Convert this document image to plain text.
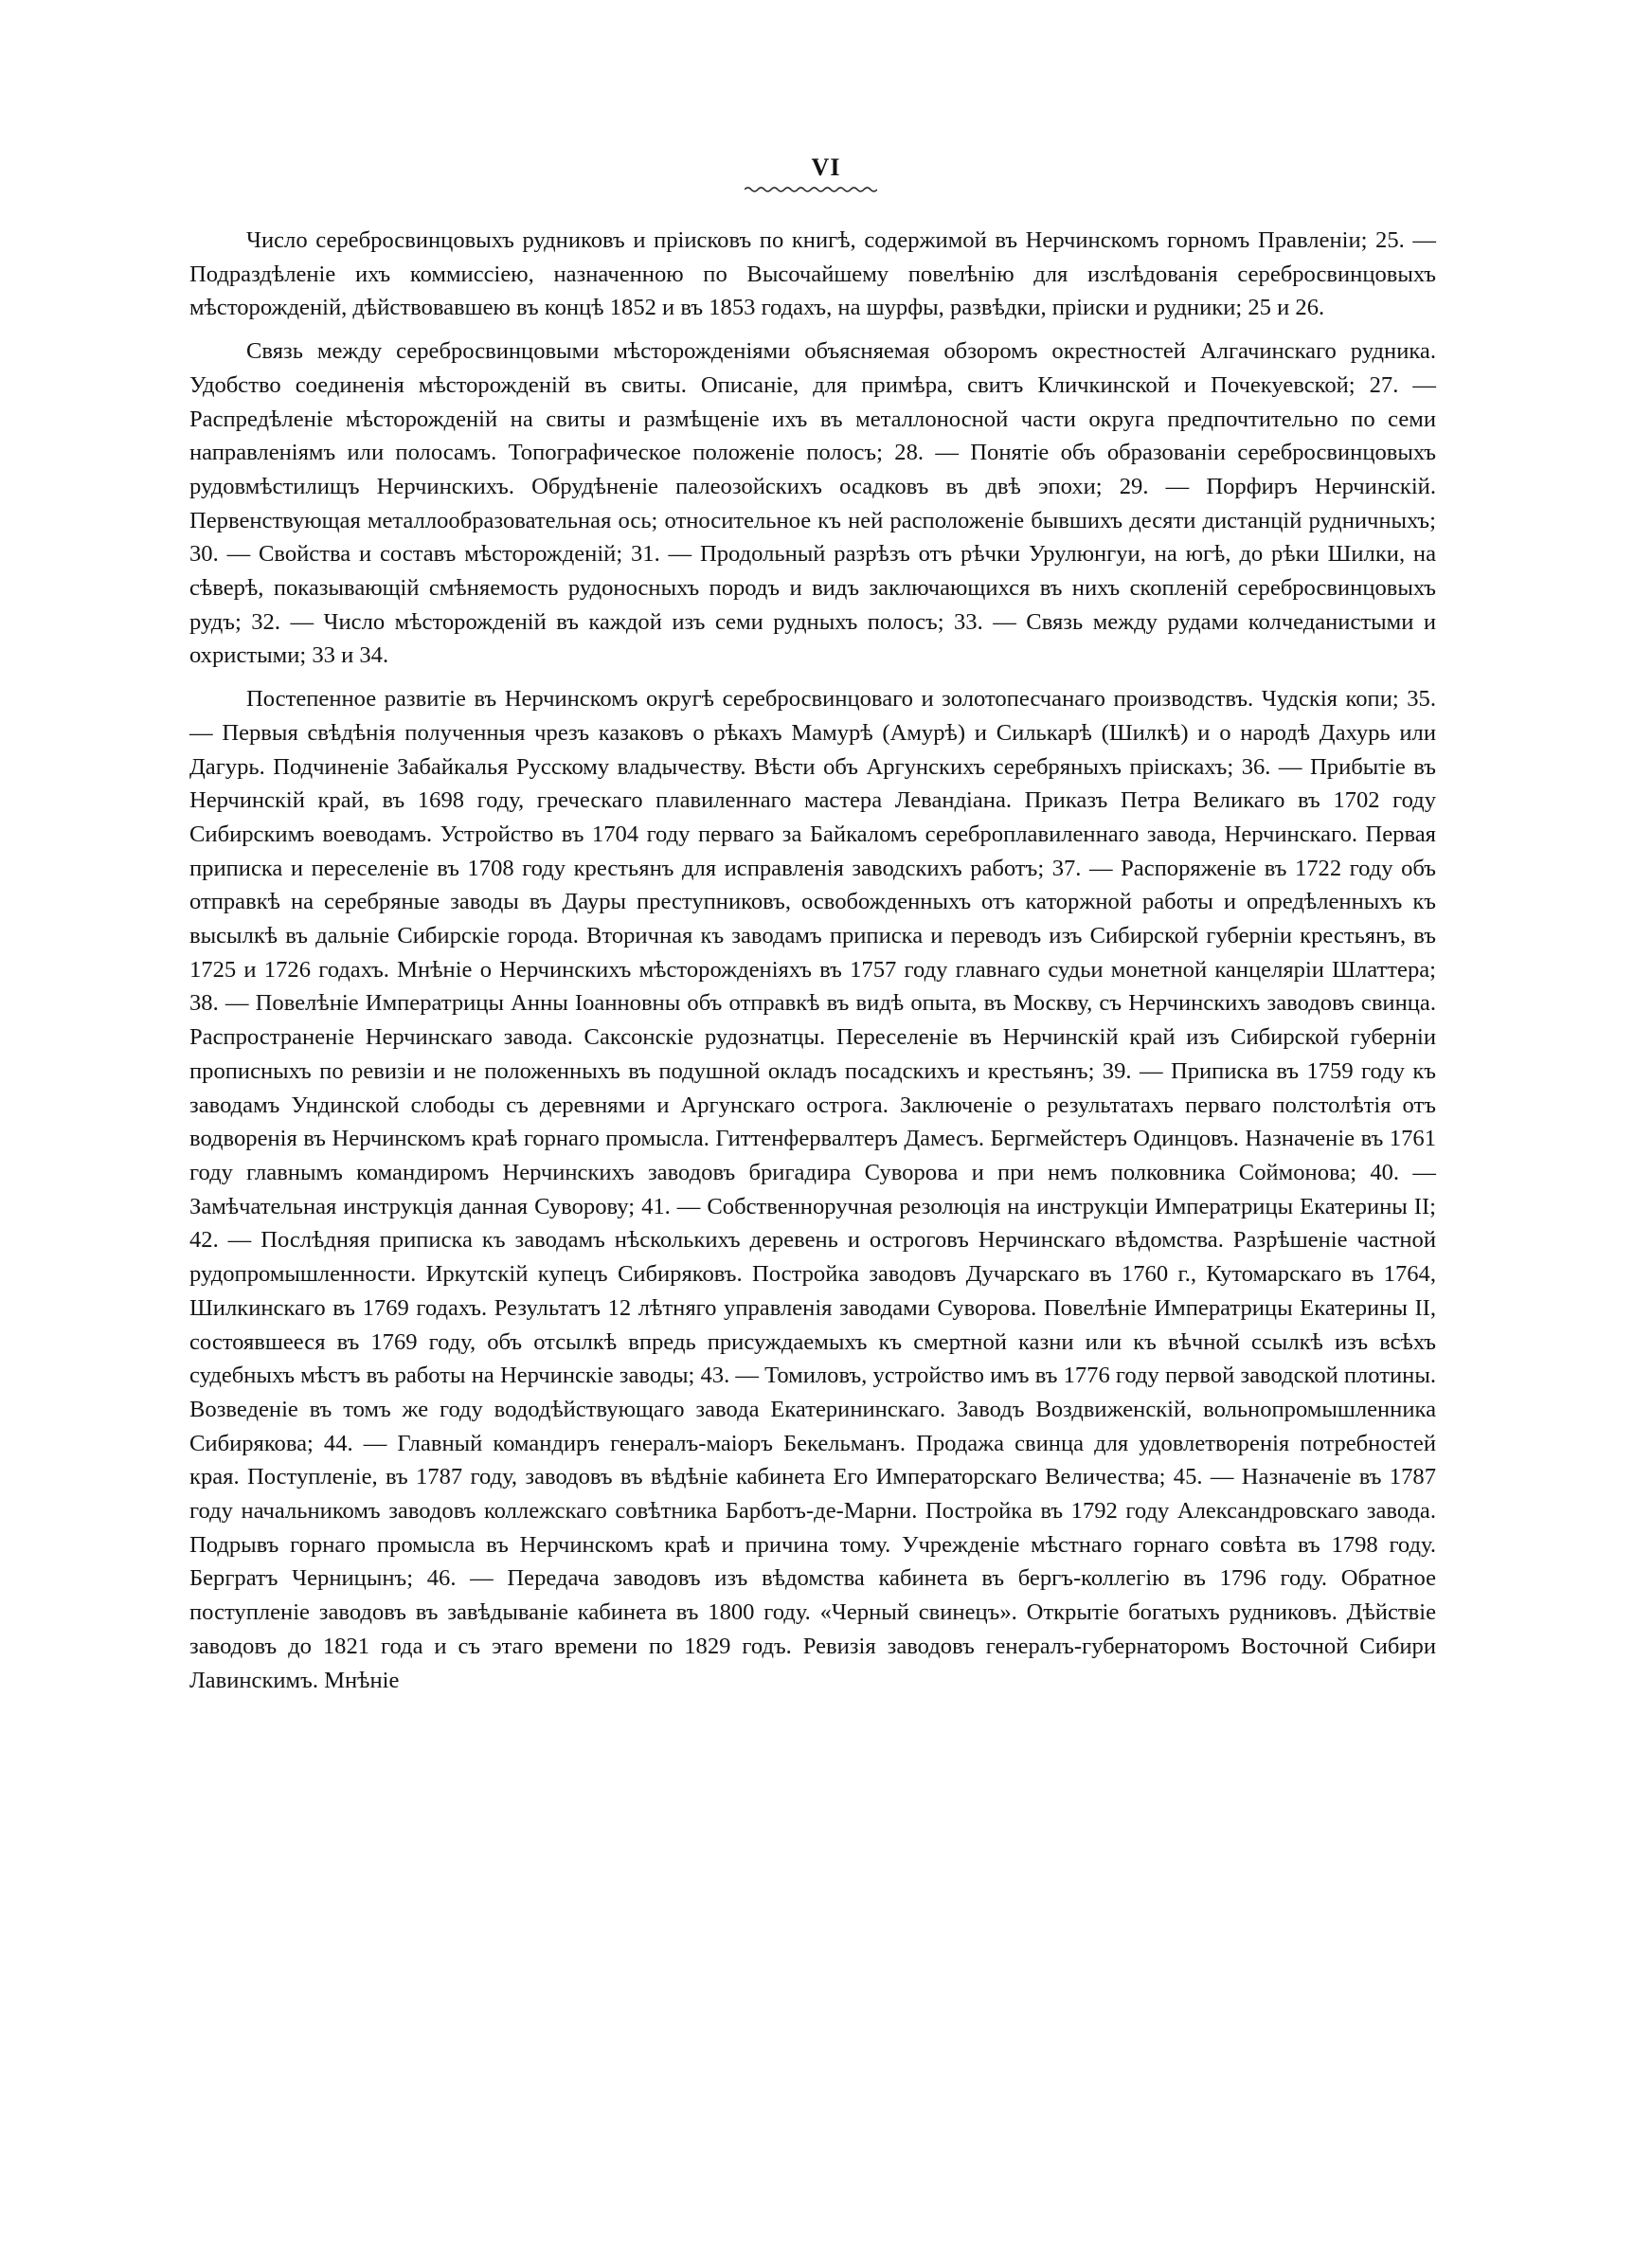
VI

Число серебросвинцовыхъ рудниковъ и пріисковъ по книгѣ, содержимой въ Нерчинскомъ горномъ Правленіи; 25. — Подраздѣленіе ихъ коммиссіею, назначенною по Высочайшему повелѣнію для изслѣдованія серебросвинцовыхъ мѣсторожденій, дѣйствовавшею въ концѣ 1852 и въ 1853 годахъ, на шурфы, развѣдки, пріиски и рудники; 25 и 26.

Связь между серебросвинцовыми мѣсторожденіями объясняемая обзоромъ окрестностей Алгачинскаго рудника. Удобство соединенія мѣсторожденій въ свиты. Описаніе, для примѣра, свитъ Кличкинской и Почекуевской; 27. — Распредѣленіе мѣсторожденій на свиты и размѣщеніе ихъ въ металлоносной части округа предпочтительно по семи направленіямъ или полосамъ. Топографическое положеніе полосъ; 28. — Понятіе объ образованіи серебросвинцовыхъ рудовмѣстилищъ Нерчинскихъ. Обрудѣненіе палеозойскихъ осадковъ въ двѣ эпохи; 29. — Порфиръ Нерчинскій. Первенствующая металлообразовательная ось; относительное къ ней расположеніе бывшихъ десяти дистанцій рудничныхъ; 30. — Свойства и составъ мѣсторожденій; 31. — Продольный разрѣзъ отъ рѣчки Урулюнгуи, на югѣ, до рѣки Шилки, на сѣверѣ, показывающій смѣняемость рудоносныхъ породъ и видъ заключающихся въ нихъ скопленій серебросвинцовыхъ рудъ; 32. — Число мѣсторожденій въ каждой изъ семи рудныхъ полосъ; 33. — Связь между рудами колчеданистыми и охристыми; 33 и 34.

Постепенное развитіе въ Нерчинскомъ округѣ серебросвинцоваго и золотопесчанаго производствъ. Чудскія копи; 35. — Первыя свѣдѣнія полученныя чрезъ казаковъ о рѣкахъ Мамурѣ (Амурѣ) и Силькарѣ (Шилкѣ) и о народѣ Дахурь или Дагурь. Подчиненіе Забайкалья Русскому владычеству. Вѣсти объ Аргунскихъ серебряныхъ пріискахъ; 36. — Прибытіе въ Нерчинскій край, въ 1698 году, греческаго плавиленнаго мастера Левандіана. Приказъ Петра Великаго въ 1702 году Сибирскимъ воеводамъ. Устройство въ 1704 году перваго за Байкаломъ сереброплавиленнаго завода, Нерчинскаго. Первая приписка и переселеніе въ 1708 году крестьянъ для исправленія заводскихъ работъ; 37. — Распоряженіе въ 1722 году объ отправкѣ на серебряные заводы въ Дауры преступниковъ, освобожденныхъ отъ каторжной работы и опредѣленныхъ къ высылкѣ въ дальніе Сибирскіе города. Вторичная къ заводамъ приписка и переводъ изъ Сибирской губерніи крестьянъ, въ 1725 и 1726 годахъ. Мнѣніе о Нерчинскихъ мѣсторожденіяхъ въ 1757 году главнаго судьи монетной канцеляріи Шлаттера; 38. — Повелѣніе Императрицы Анны Іоанновны объ отправкѣ въ видѣ опыта, въ Москву, съ Нерчинскихъ заводовъ свинца. Распространеніе Нерчинскаго завода. Саксонскіе рудознатцы. Переселеніе въ Нерчинскій край изъ Сибирской губерніи прописныхъ по ревизіи и не положенныхъ въ подушной окладъ посадскихъ и крестьянъ; 39. — Приписка въ 1759 году къ заводамъ Ундинской слободы съ деревнями и Аргунскаго острога. Заключеніе о результатахъ перваго полстолѣтія отъ водворенія въ Нерчинскомъ краѣ горнаго промысла. Гиттенфервалтеръ Дамесъ. Бергмейстеръ Одинцовъ. Назначеніе въ 1761 году главнымъ командиромъ Нерчинскихъ заводовъ бригадира Суворова и при немъ полковника Соймонова; 40. — Замѣчательная инструкція данная Суворову; 41. — Собственноручная резолюція на инструкціи Императрицы Екатерины II; 42. — Послѣдняя приписка къ заводамъ нѣсколькихъ деревень и остроговъ Нерчинскаго вѣдомства. Разрѣшеніе частной рудопромышленности. Иркутскій купецъ Сибиряковъ. Постройка заводовъ Дучарскаго въ 1760 г., Кутомарскаго въ 1764, Шилкинскаго въ 1769 годахъ. Результатъ 12 лѣтняго управленія заводами Суворова. Повелѣніе Императрицы Екатерины II, состоявшееся въ 1769 году, объ отсылкѣ впредь присуждаемыхъ къ смертной казни или къ вѣчной ссылкѣ изъ всѣхъ судебныхъ мѣстъ въ работы на Нерчинскіе заводы; 43. — Томиловъ, устройство имъ въ 1776 году первой заводской плотины. Возведеніе въ томъ же году вододѣйствующаго завода Екатерининскаго. Заводъ Воздвиженскій, вольнопромышленника Сибирякова; 44. — Главный командиръ генералъ-маіоръ Бекельманъ. Продажа свинца для удовлетворенія потребностей края. Поступленіе, въ 1787 году, заводовъ въ вѣдѣніе кабинета Его Императорскаго Величества; 45. — Назначеніе въ 1787 году начальникомъ заводовъ коллежскаго совѣтника Барботъ-де-Марни. Постройка въ 1792 году Александровскаго завода. Подрывъ горнаго промысла въ Нерчинскомъ краѣ и причина тому. Учрежденіе мѣстнаго горнаго совѣта въ 1798 году. Бергратъ Черницынъ; 46. — Передача заводовъ изъ вѣдомства кабинета въ бергъ-коллегію въ 1796 году. Обратное поступленіе заводовъ въ завѣдываніе кабинета въ 1800 году. «Черный свинецъ». Открытіе богатыхъ рудниковъ. Дѣйствіе заводовъ до 1821 года и съ этаго времени по 1829 годъ. Ревизія заводовъ генералъ-губернаторомъ Восточной Сибири Лавинскимъ. Мнѣніе
